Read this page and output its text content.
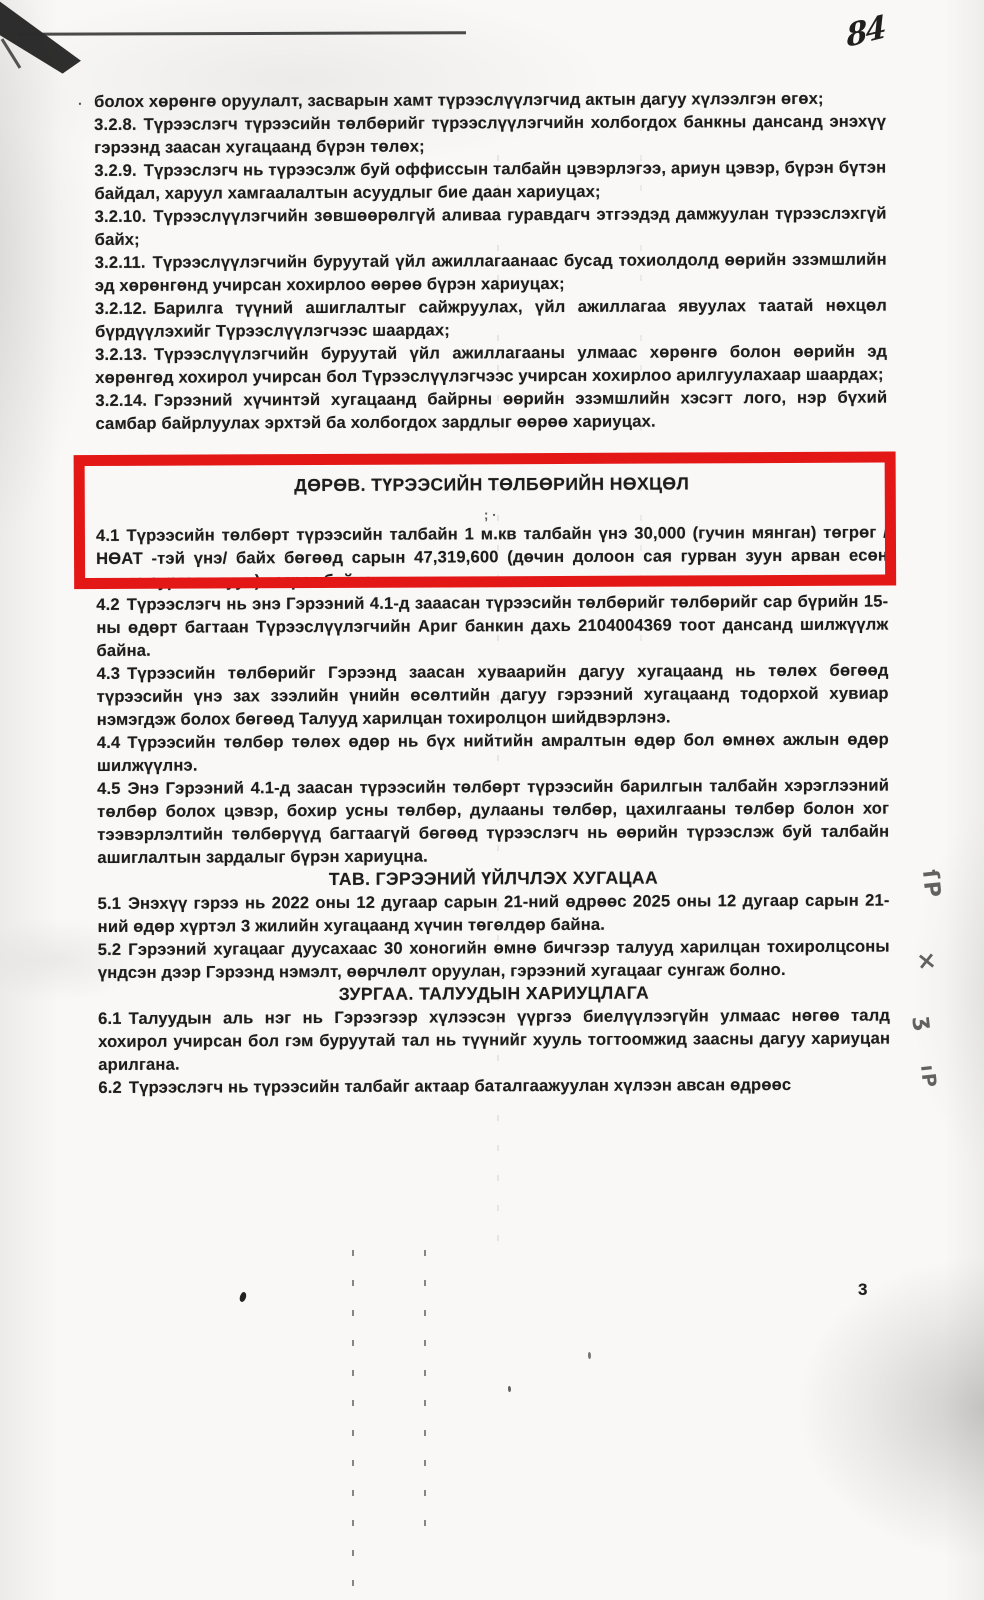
84
ſP
×
ʒ
ıP

· болох хөрөнгө оруулалт, засварын хамт түрээслүүлэгчид актын дагуу хүлээлгэн өгөх;

3.2.8. Түрээслэгч түрээсийн төлбөрийг түрээслүүлэгчийн холбогдох банкны дансанд энэхүү гэрээнд заасан хугацаанд бүрэн төлөх;

3.2.9. Түрээслэгч нь түрээсэлж буй оффиссын талбайн цэвэрлэгээ, ариун цэвэр, бүрэн бүтэн байдал, харуул хамгаалалтын асуудлыг бие даан хариуцах;

3.2.10. Түрээслүүлэгчийн зөвшөөрөлгүй аливаа гуравдагч этгээдэд дамжуулан түрээслэхгүй байх;

3.2.11. Түрээслүүлэгчийн буруутай үйл ажиллагаанаас бусад тохиолдолд өөрийн эзэмшлийн эд хөрөнгөнд учирсан хохирлоо өөрөө бүрэн хариуцах;

3.2.12. Барилга түүний ашиглалтыг сайжруулах, үйл ажиллагаа явуулах таатай нөхцөл бүрдүүлэхийг Түрээслүүлэгчээс шаардах;

3.2.13. Түрээслүүлэгчийн буруутай үйл ажиллагааны улмаас хөрөнгө болон өөрийн эд хөрөнгөд хохирол учирсан бол Түрээслүүлэгчээс учирсан хохирлоо арилгуулахаар шаардах;

3.2.14. Гэрээний хүчинтэй хугацаанд байрны өөрийн эзэмшлийн хэсэгт лого, нэр бүхий самбар байрлуулах эрхтэй ба холбогдох зардлыг өөрөө хариуцах.

; ·

ДӨРӨВ. ТҮРЭЭСИЙН ТӨЛБӨРИЙН НӨХЦӨЛ

4.1 Түрээсийн төлбөрт түрээсийн талбайн 1 м.кв талбайн үнэ 30,000 (гучин мянган) төгрөг /НӨАТ -тэй үнэ/ байх бөгөөд сарын 47,319,600 (дөчин долоон сая гурван зуун арван есөн мянга зургаан зуун) төгрөг байна.

4.2 Түрээслэгч нь энэ Гэрээний 4.1-д зааасан түрээсийн төлбөрийг төлбөрийг сар бүрийн 15-ны өдөрт багтаан Түрээслүүлэгчийн Ариг банкин дахь 2104004369 тоот дансанд шилжүүлж байна.

4.3 Түрээсийн төлбөрийг Гэрээнд заасан хуваарийн дагуу хугацаанд нь төлөх бөгөөд түрээсийн үнэ зах зээлийн үнийн өсөлтийн дагуу гэрээний хугацаанд тодорхой хувиар нэмэгдэж болох бөгөөд Талууд харилцан тохиролцон шийдвэрлэнэ.

4.4 Түрээсийн төлбөр төлөх өдөр нь бүх нийтийн амралтын өдөр бол өмнөх ажлын өдөр шилжүүлнэ.

4.5 Энэ Гэрээний 4.1-д заасан түрээсийн төлбөрт түрээсийн барилгын талбайн хэрэглээний төлбөр болох цэвэр, бохир усны төлбөр, дулааны төлбөр, цахилгааны төлбөр болон хог тээвэрлэлтийн төлбөрүүд багтаагүй бөгөөд түрээслэгч нь өөрийн түрээслэж буй талбайн ашиглалтын зардалыг бүрэн хариуцна.

ТАВ. ГЭРЭЭНИЙ ҮЙЛЧЛЭХ ХУГАЦАА

5.1 Энэхүү гэрээ нь 2022 оны 12 дугаар сарын 21-ний өдрөөс 2025 оны 12 дугаар сарын 21- ний өдөр хүртэл 3 жилийн хугацаанд хүчин төгөлдөр байна.

5.2 Гэрээний хугацааг дуусахаас 30 хоногийн өмнө бичгээр талууд харилцан тохиролцсоны үндсэн дээр Гэрээнд нэмэлт, өөрчлөлт оруулан, гэрээний хугацааг сунгаж болно.

ЗУРГАА. ТАЛУУДЫН ХАРИУЦЛАГА

6.1 Талуудын аль нэг нь Гэрээгээр хүлээсэн үүргээ биелүүлээгүйн улмаас нөгөө талд хохирол учирсан бол гэм буруутай тал нь түүнийг хууль тогтоомжид заасны дагуу хариуцан арилгана.

6.2 Түрээслэгч нь түрээсийн талбайг актаар баталгаажуулан хүлээн авсан өдрөөс

3
